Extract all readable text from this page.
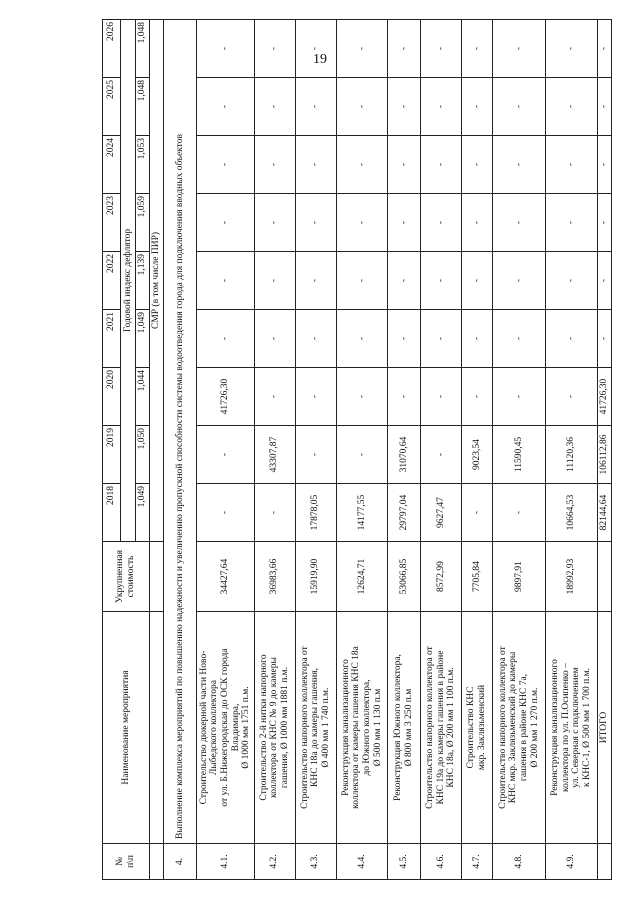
19
№
п\п	Наименование мероприятия	Укрупненная
стоимость	2018	2019	2020	2021	2022	2023	2024	2025	2026
			Годовой индекс дефлятор								
			1,049	1,050	1,044	1,049	1,139	1,059	1,053	1,048	1,048
			СМР (в том числе ПИР)								
4.	Выполнение комплекса мероприятий по повышению надежности и увеличению пропускной способности системы водоотведения города для подключения вводных объектов										
4.1.	Строительство дюкерной части Ново-
Лыбедского коллектора
от ул. Б.Нижегородская до ОСК города
Владимира,
Ø 1000 мм 1751 п.м.	34427,64	-	-	41726,30	-	-	-	-	-	-
4.2.	Строительство 2-й нитки напорного
коллектора от КНС № 9 до камеры
гашения, Ø 1000 мм 1881 п.м.	36983,66	-	43307,87	-	-	-	-	-	-	-
4.3.	Строительство напорного коллектора от
КНС 18а до камеры гашения,
Ø 400 мм 1 740 п.м.	15919,90	17878,05	-	-	-	-	-	-	-	-
4.4.	Реконструкция канализационного
коллектора от камеры гашения КНС 18а
до Южного коллектора,
Ø 500 мм 1 130 п.м	12624,71	14177,55	-	-	-	-	-	-	-	-
4.5.	Реконструкция Южного коллектора,
Ø 800 мм 3 250 п.м	53066,85	29797,04	31070,64	-	-	-	-	-	-	-
4.6.	Строительство напорного коллектора от
КНС 19а до камеры гашения в районе
КНС 18а, Ø 200 мм 1 100 п.м.	8572,99	9627,47	-	-	-	-	-	-	-	-
4.7.	Строительство КНС
мкр. Заклязьменский	7705,84	-	9023,54	-	-	-	-	-	-	-
4.8.	Строительство напорного коллектора от
КНС мкр. Заклязьменский до камеры
гашения в районе КНС 7а,
Ø 200 мм 1 270 п.м.	9897,91	-	11590,45	-	-	-	-	-	-	-
4.9.	Реконструкция канализационного
коллектора по ул. П.Осипенко –
ул. Северная с подключением
к КНС-1, Ø 500 мм 1 700 п.м.	18992,93	10664,53	11120,36	-	-	-	-	-	-	-
	ИТОГО		82144,64	106112,86	41726,30	-	-	-	-	-	-
